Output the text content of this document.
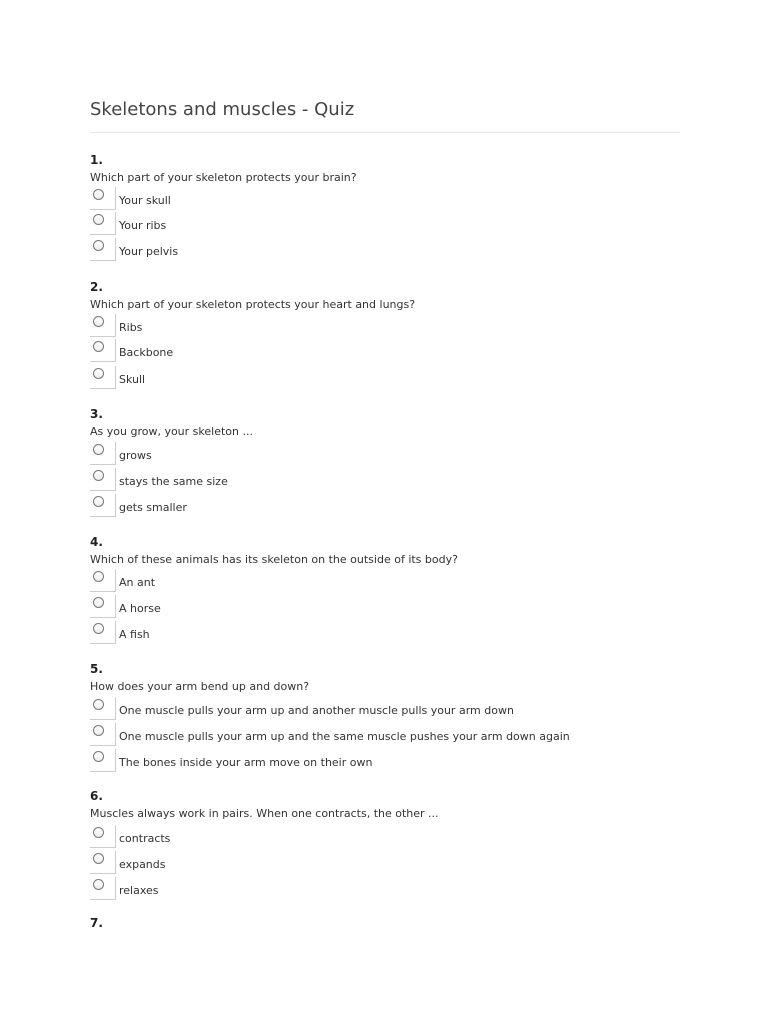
Skeletons and muscles - Quiz
1.
Which part of your skeleton protects your brain?
Your skull
Your ribs
Your pelvis
2.
Which part of your skeleton protects your heart and lungs?
Ribs
Backbone
Skull
3.
As you grow, your skeleton ...
grows
stays the same size
gets smaller
4.
Which of these animals has its skeleton on the outside of its body?
An ant
A horse
A fish
5.
How does your arm bend up and down?
One muscle pulls your arm up and another muscle pulls your arm down
One muscle pulls your arm up and the same muscle pushes your arm down again
The bones inside your arm move on their own
6.
Muscles always work in pairs. When one contracts, the other ...
contracts
expands
relaxes
7.
